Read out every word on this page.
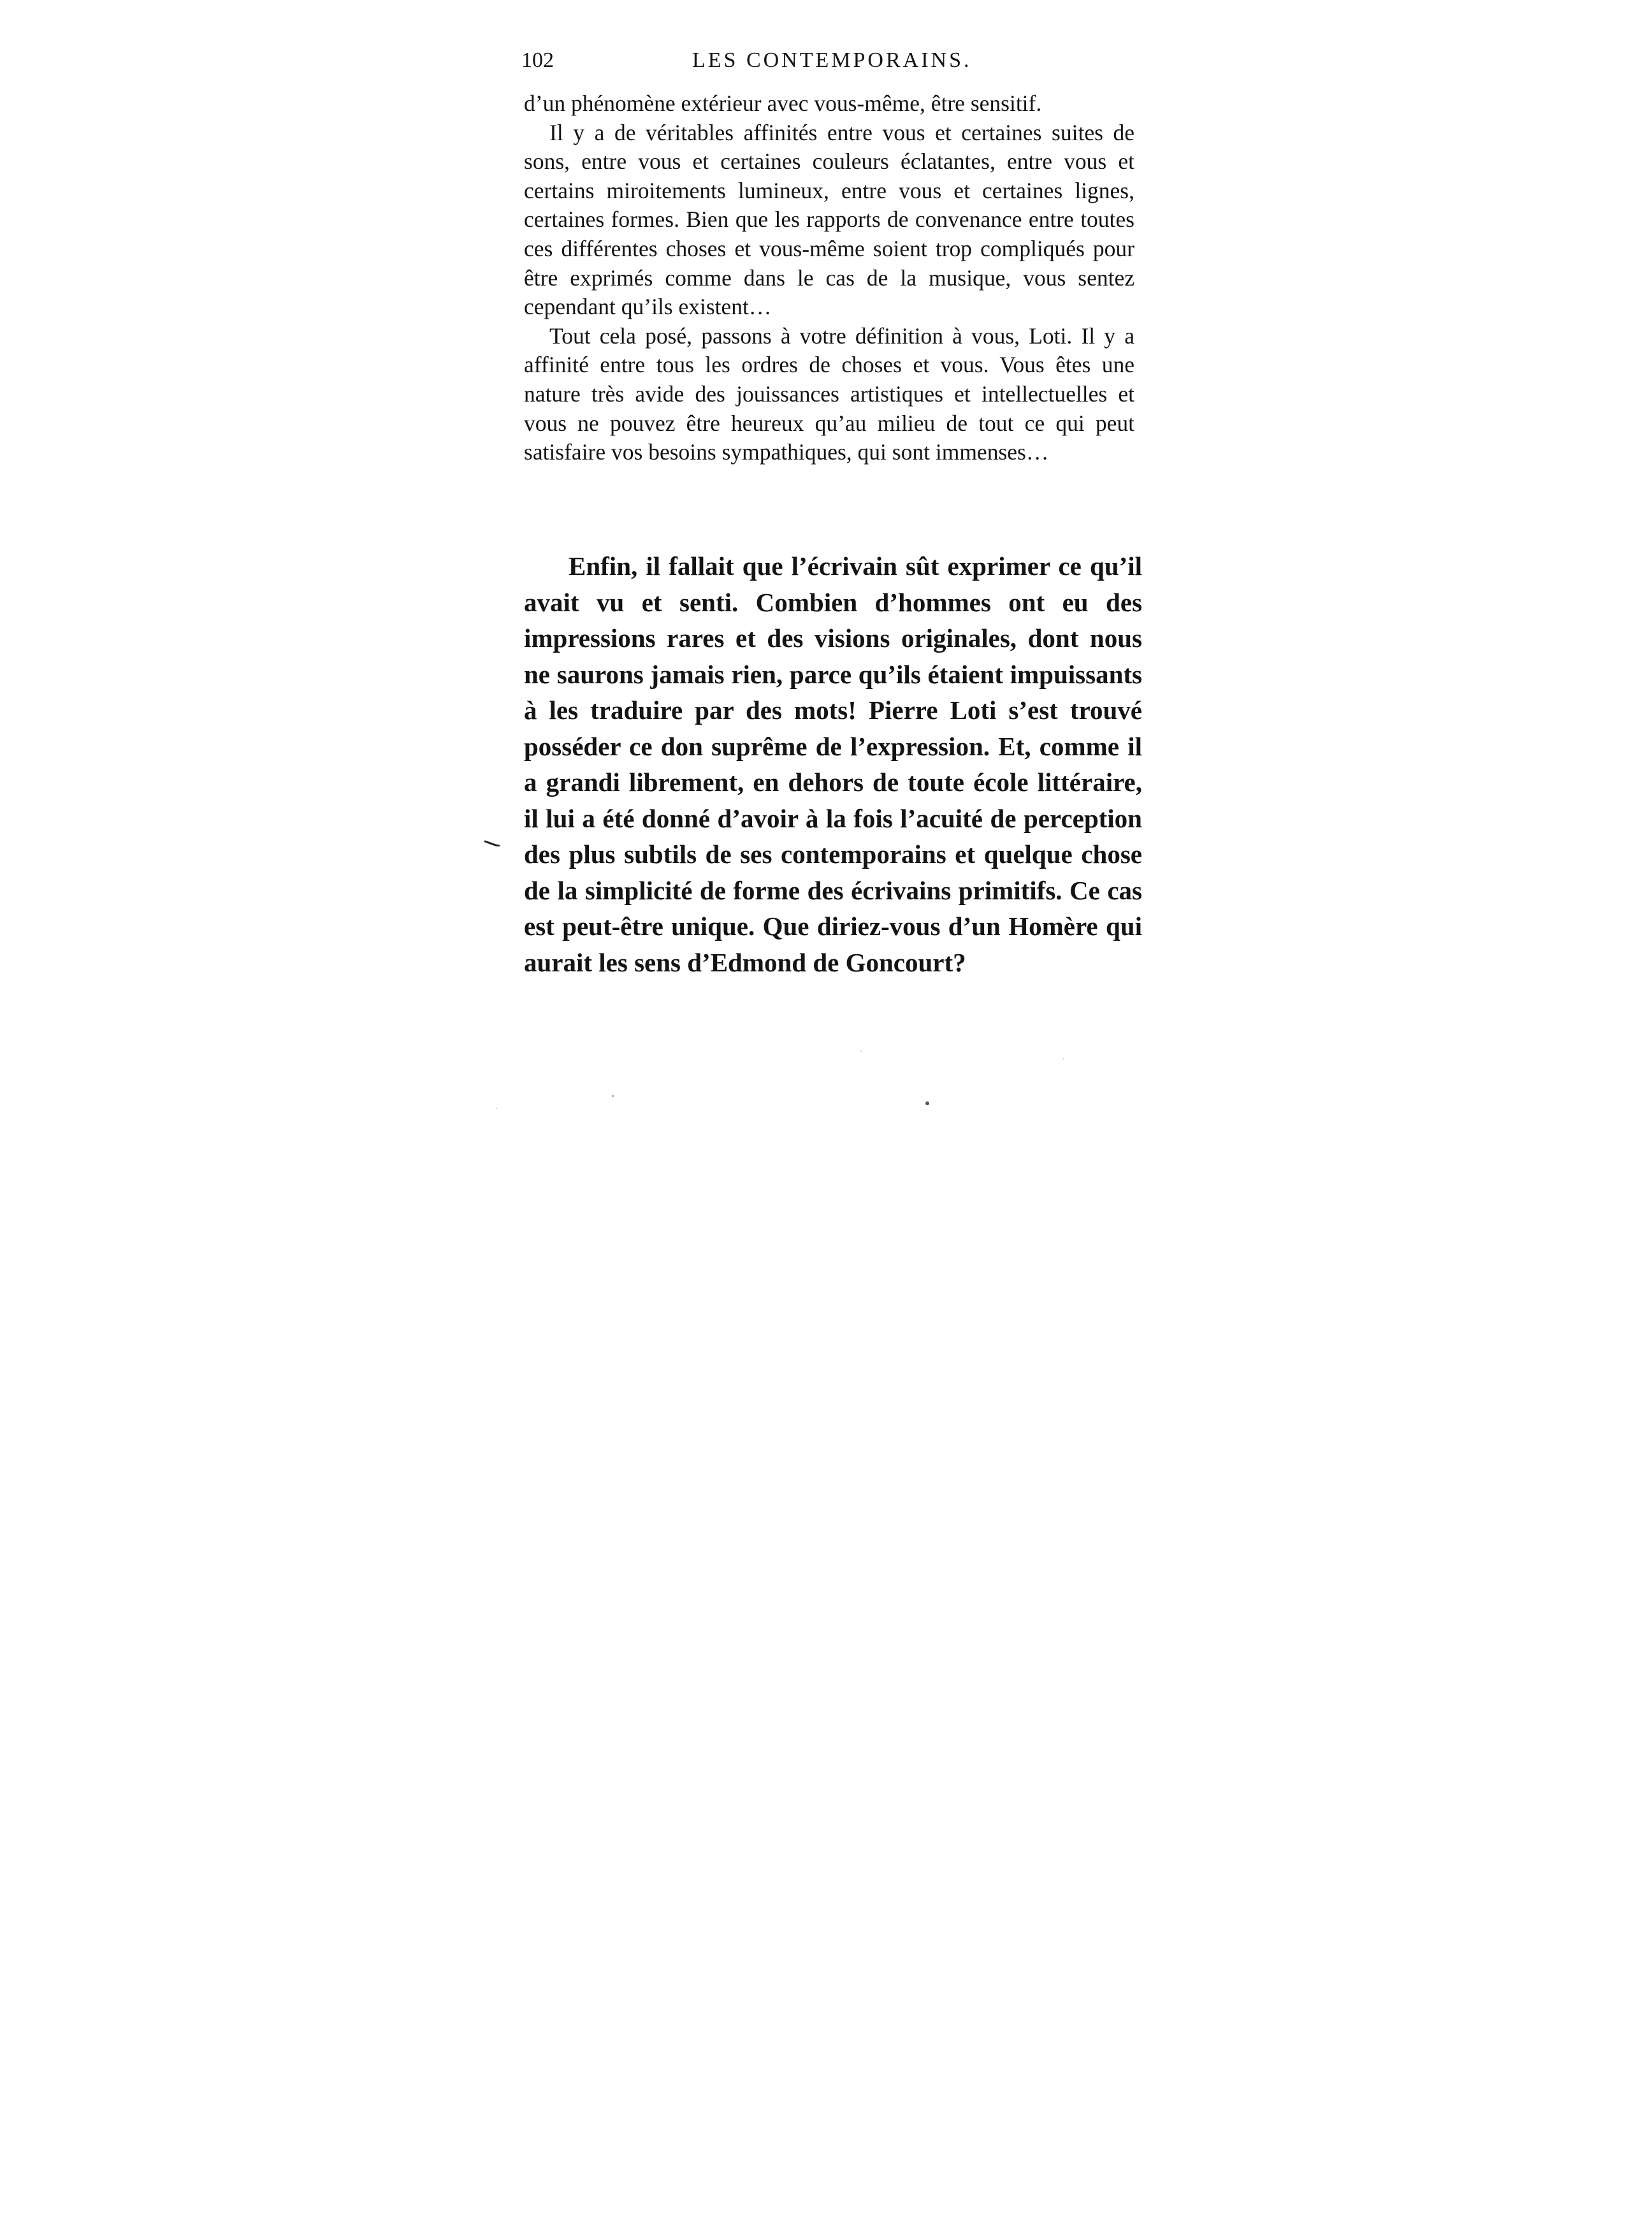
102	LES CONTEMPORAINS.

d’un phénomène extérieur avec vous-même, être sensitif.

Il y a de véritables affinités entre vous et certaines suites de sons, entre vous et certaines couleurs éclatantes, entre vous et certains miroitements lumineux, entre vous et certaines lignes, certaines formes. Bien que les rapports de convenance entre toutes ces différentes choses et vous-même soient trop compliqués pour être exprimés comme dans le cas de la musique, vous sentez cependant qu’ils existent…

Tout cela posé, passons à votre définition à vous, Loti. Il y a affinité entre tous les ordres de choses et vous. Vous êtes une nature très avide des jouissances artistiques et intellectuelles et vous ne pouvez être heureux qu’au milieu de tout ce qui peut satisfaire vos besoins sympathiques, qui sont immenses…

Enfin, il fallait que l’écrivain sût exprimer ce qu’il avait vu et senti. Combien d’hommes ont eu des impressions rares et des visions originales, dont nous ne saurons jamais rien, parce qu’ils étaient impuissants à les traduire par des mots! Pierre Loti s’est trouvé posséder ce don suprême de l’expression. Et, comme il a grandi librement, en dehors de toute école littéraire, il lui a été donné d’avoir à la fois l’acuité de perception des plus subtils de ses contemporains et quelque chose de la simplicité de forme des écrivains primitifs. Ce cas est peut-être unique. Que diriez-vous d’un Homère qui aurait les sens d’Edmond de Goncourt?
